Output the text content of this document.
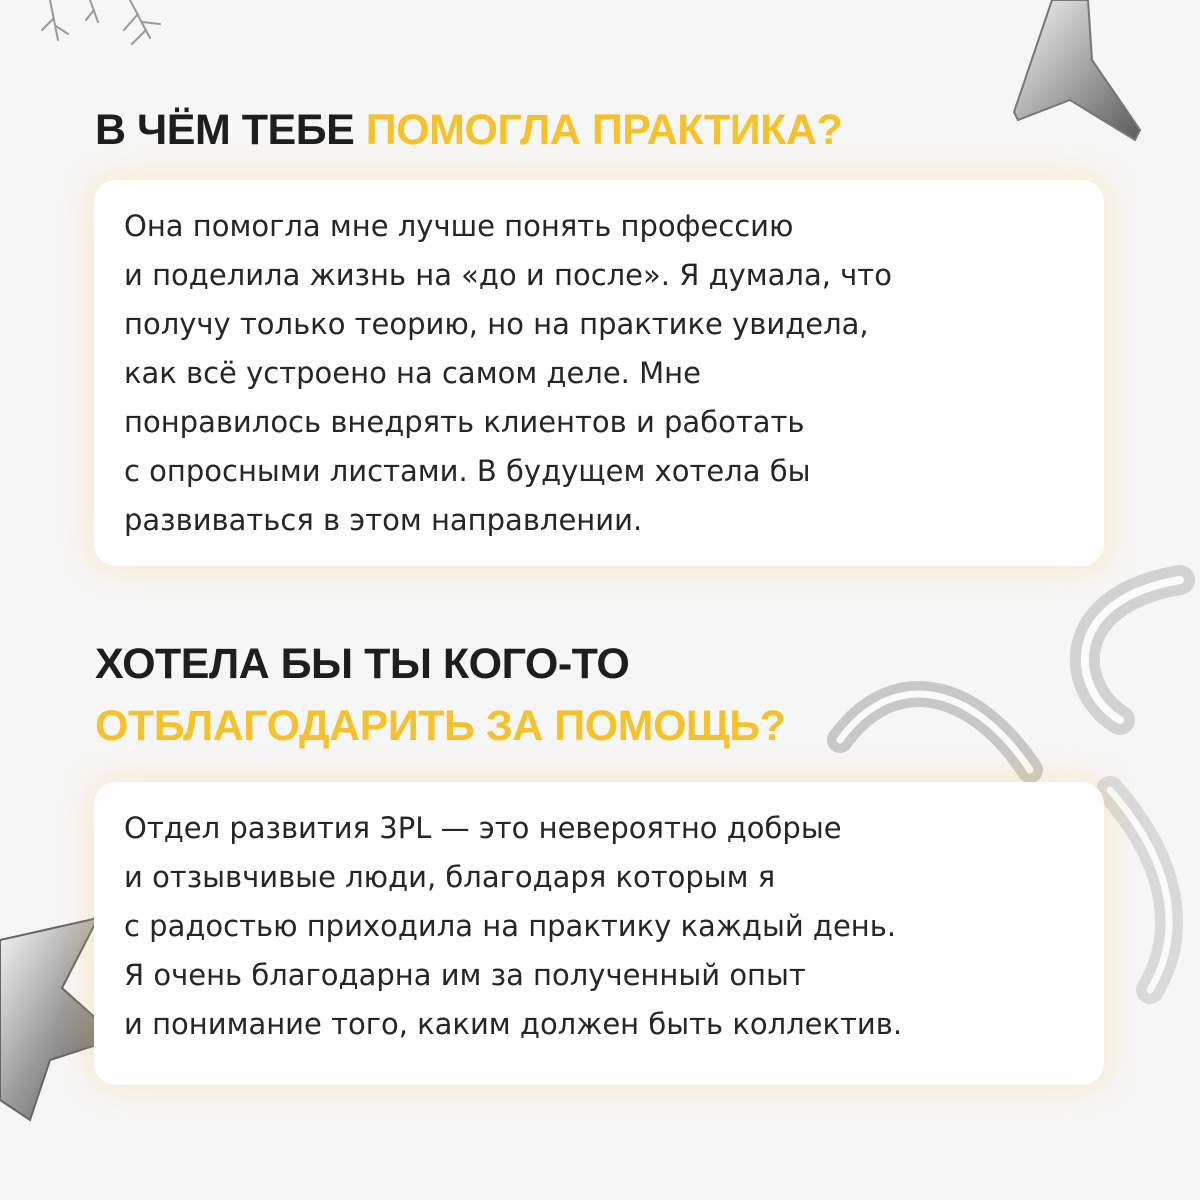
В ЧЁМ ТЕБЕ ПОМОГЛА ПРАКТИКА?

Она помогла мне лучше понять профессию

и поделила жизнь на «до и после». Я думала, что

получу только теорию, но на практике увидела,

как всё устроено на самом деле. Мне

понравилось внедрять клиентов и работать

с опросными листами. В будущем хотела бы

развиваться в этом направлении.

ХОТЕЛА БЫ ТЫ КОГО-ТО
ОТБЛАГОДАРИТЬ ЗА ПОМОЩЬ?

Отдел развития 3PL — это невероятно добрые

и отзывчивые люди, благодаря которым я

с радостью приходила на практику каждый день.

Я очень благодарна им за полученный опыт

и понимание того, каким должен быть коллектив.
